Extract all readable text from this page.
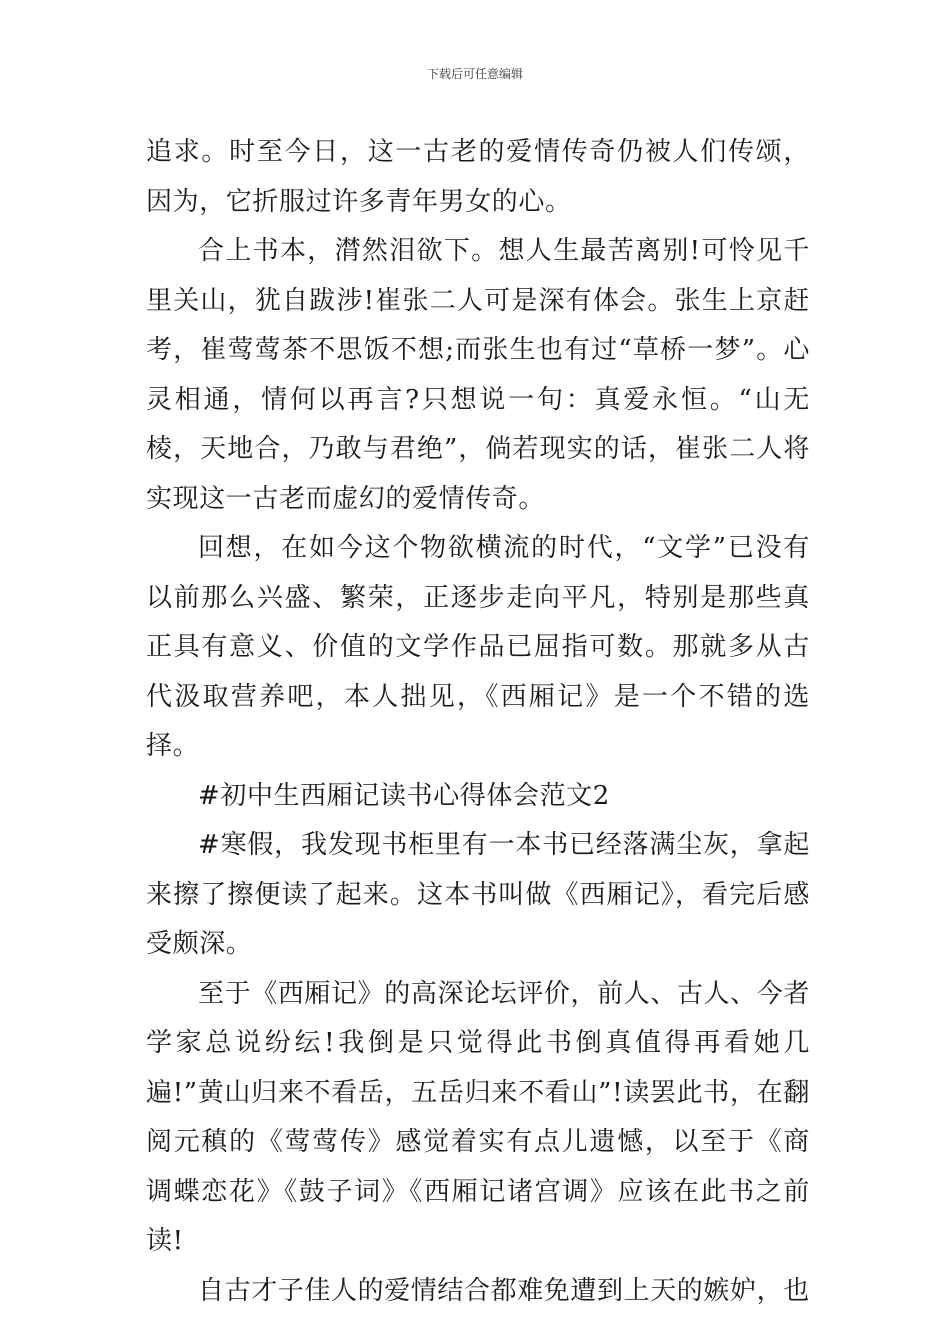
下载后可任意编辑

追求。时至今日，这一古老的爱情传奇仍被人们传颂，因为，它折服过许多青年男女的心。

合上书本，潸然泪欲下。想人生最苦离别!可怜见千里关山，犹自跋涉!崔张二人可是深有体会。张生上京赶考，崔莺莺茶不思饭不想;而张生也有过“草桥一梦”。心灵相通，情何以再言?只想说一句：真爱永恒。“山无棱，天地合，乃敢与君绝”，倘若现实的话，崔张二人将实现这一古老而虚幻的爱情传奇。

回想，在如今这个物欲横流的时代，“文学”已没有以前那么兴盛、繁荣，正逐步走向平凡，特别是那些真正具有意义、价值的文学作品已屈指可数。那就多从古代汲取营养吧，本人拙见，《西厢记》是一个不错的选择。

#初中生西厢记读书心得体会范文2

#寒假，我发现书柜里有一本书已经落满尘灰，拿起来擦了擦便读了起来。这本书叫做《西厢记》，看完后感受颇深。

至于《西厢记》的高深论坛评价，前人、古人、今者学家总说纷纭!我倒是只觉得此书倒真值得再看她几遍!”黄山归来不看岳，五岳归来不看山”!读罢此书，在翻阅元稹的《莺莺传》感觉着实有点儿遗憾，以至于《商调蝶恋花》《鼓子词》《西厢记诸宫调》应该在此书之前读!

自古才子佳人的爱情结合都难免遭到上天的嫉妒，也
